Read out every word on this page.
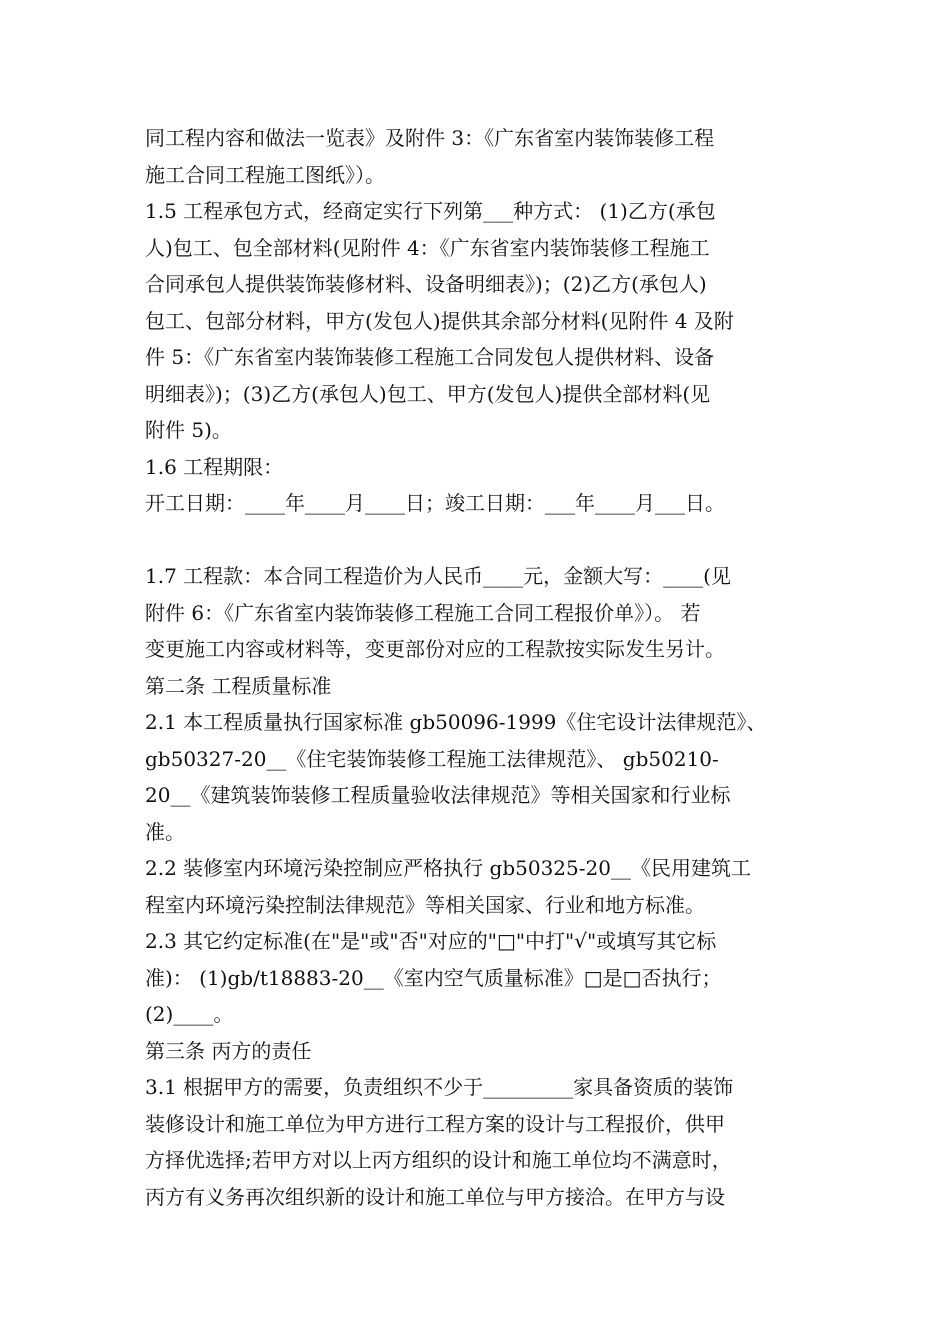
同工程内容和做法一览表》及附件 3：《广东省室内装饰装修工程
施工合同工程施工图纸》）。
1.5 工程承包方式，经商定实行下列第___种方式： (1)乙方(承包
人)包工、包全部材料(见附件 4：《广东省室内装饰装修工程施工
合同承包人提供装饰装修材料、设备明细表》)；(2)乙方(承包人)
包工、包部分材料，甲方(发包人)提供其余部分材料(见附件 4 及附
件 5：《广东省室内装饰装修工程施工合同发包人提供材料、设备
明细表》)；(3)乙方(承包人)包工、甲方(发包人)提供全部材料(见
附件 5)。
1.6 工程期限：
开工日期：____年____月____日；竣工日期：___年____月___日。
1.7 工程款：本合同工程造价为人民币____元，金额大写：____(见
附件 6：《广东省室内装饰装修工程施工合同工程报价单》）。 若
变更施工内容或材料等，变更部份对应的工程款按实际发生另计。
第二条 工程质量标准
2.1 本工程质量执行国家标准 gb50096-1999《住宅设计法律规范》、
gb50327-20__《住宅装饰装修工程施工法律规范》、 gb50210-
20__《建筑装饰装修工程质量验收法律规范》等相关国家和行业标
准。
2.2 装修室内环境污染控制应严格执行 gb50325-20__《民用建筑工
程室内环境污染控制法律规范》等相关国家、行业和地方标准。
2.3 其它约定标准(在"是"或"否"对应的"□"中打"√"或填写其它标
准)： (1)gb/t18883-20__《室内空气质量标准》□是□否执行；
(2)____。
第三条 丙方的责任
3.1 根据甲方的需要，负责组织不少于_________家具备资质的装饰
装修设计和施工单位为甲方进行工程方案的设计与工程报价，供甲
方择优选择;若甲方对以上丙方组织的设计和施工单位均不满意时，
丙方有义务再次组织新的设计和施工单位与甲方接洽。在甲方与设
